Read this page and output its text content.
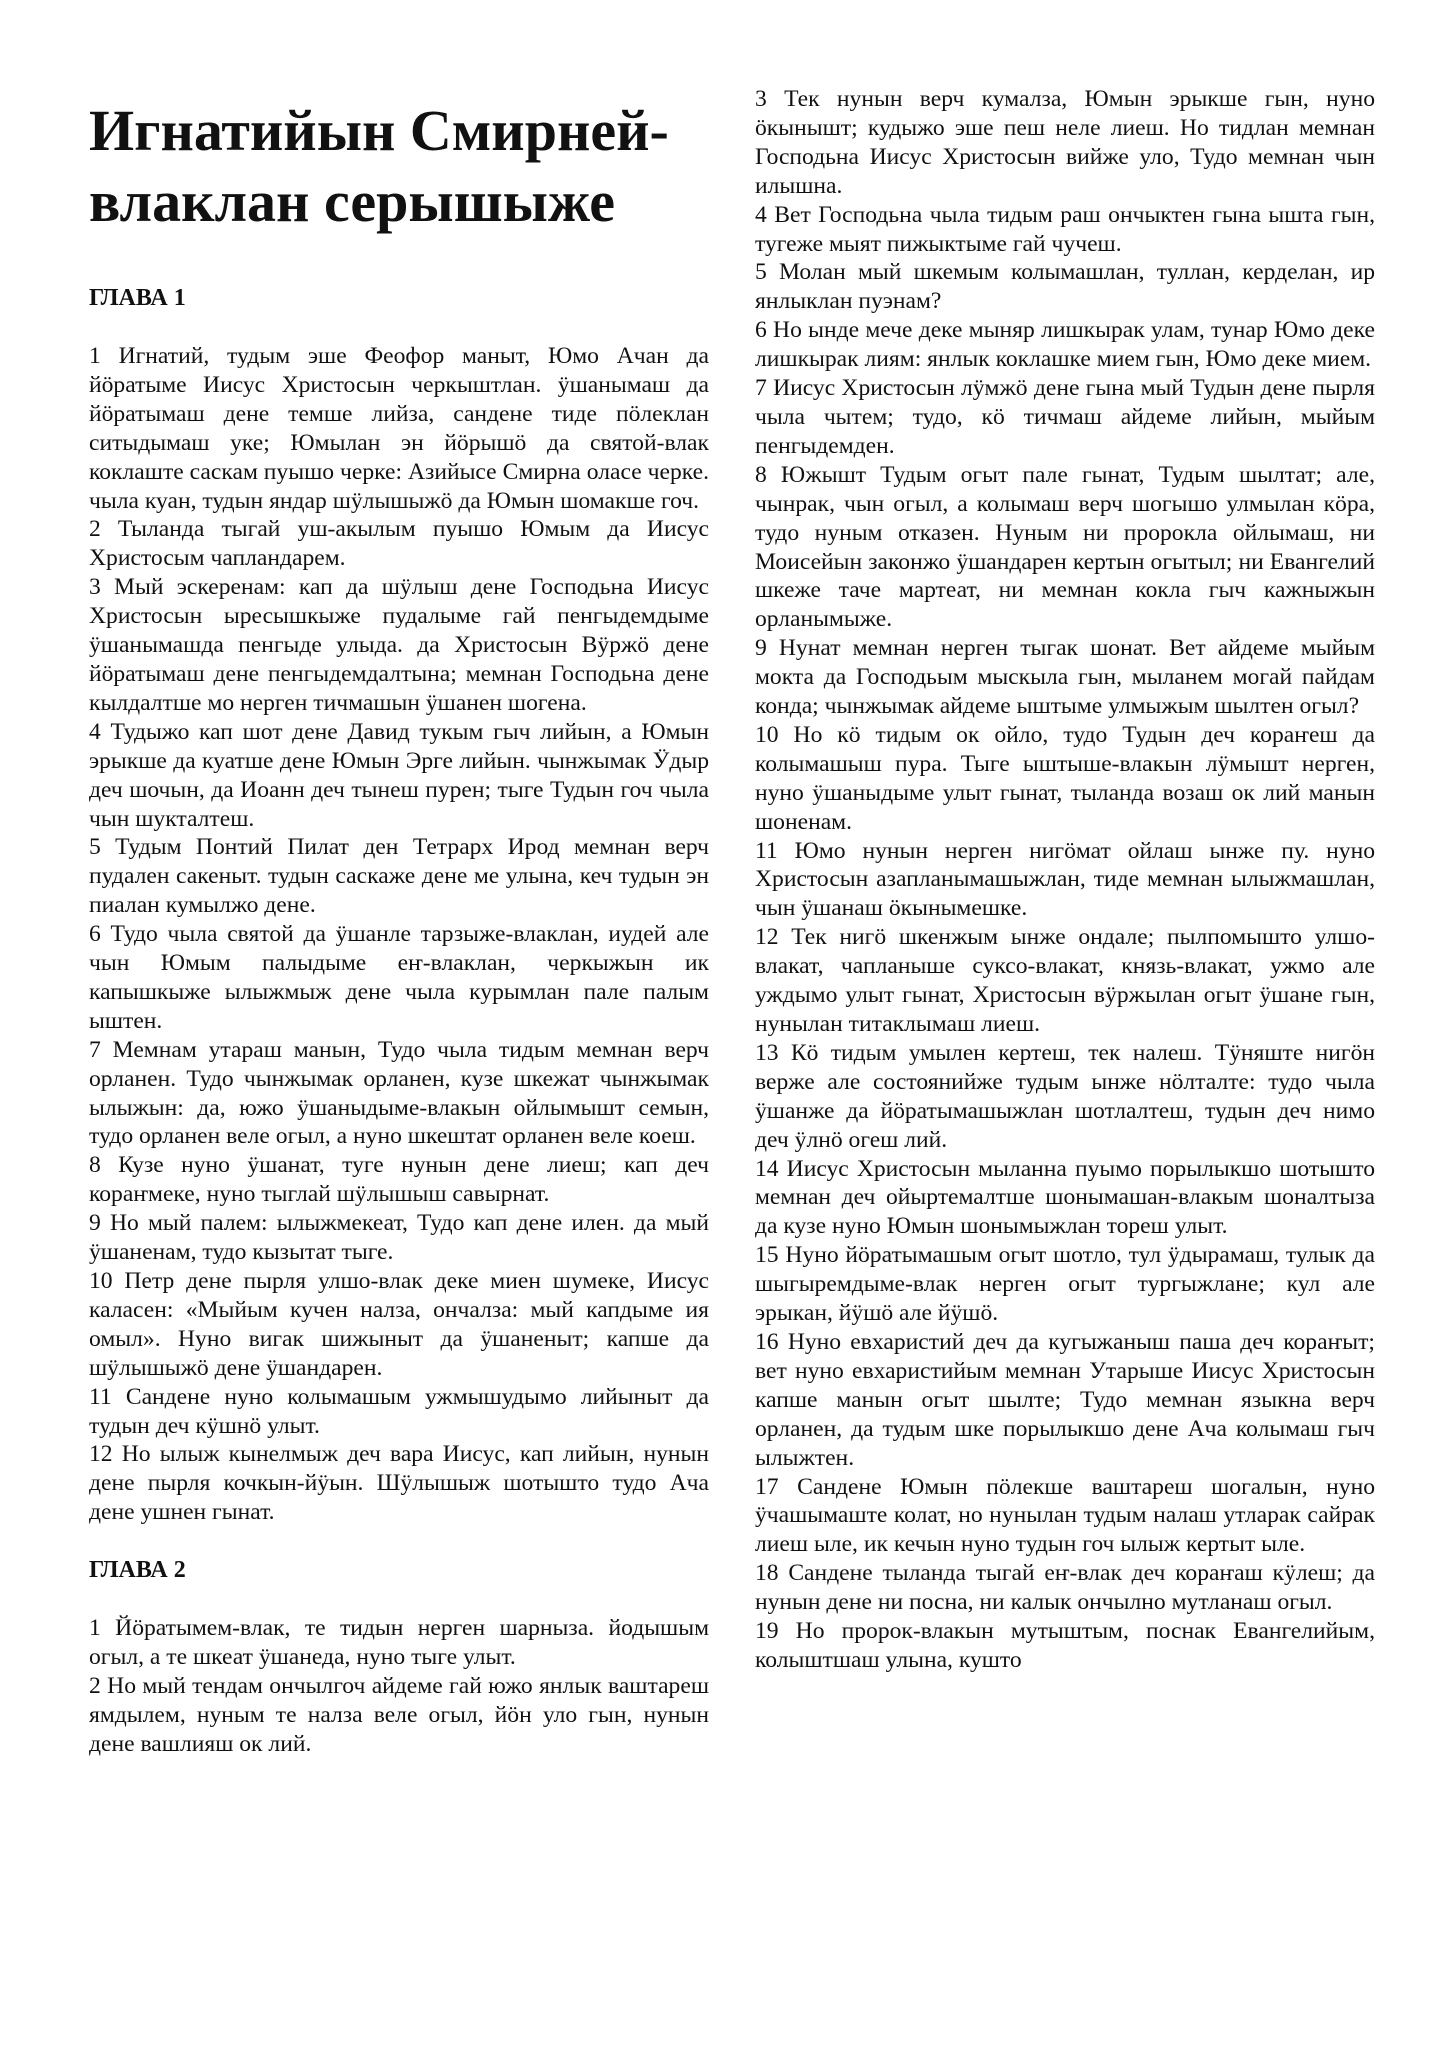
Игнатийын Смирней-влаклан серышыже
ГЛАВА 1

1 Игнатий, тудым эше Феофор маныт, Юмо Ачан да йӧратыме Иисус Христосын черкыштлан. ӱшанымаш да йӧратымаш дене темше лийза, сандене тиде пӧлеклан ситыдымаш уке; Юмылан эн йӧрышӧ да святой-влак коклаште саскам пуышо черке: Азийысе Смирна оласе черке. чыла куан, тудын яндар шӱлышыжӧ да Юмын шомакше гоч.

2 Тыланда тыгай уш-акылым пуышо Юмым да Иисус Христосым чапландарем.

3 Мый эскеренам: кап да шӱлыш дене Господьна Иисус Христосын ыресышкыже пудалыме гай пенгыдемдыме ӱшанымашда пенгыде улыда. да Христосын Вӱржӧ дене йӧратымаш дене пенгыдемдалтына; мемнан Господьна дене кылдалтше мо нерген тичмашын ӱшанен шогена.

4 Тудыжо кап шот дене Давид тукым гыч лийын, а Юмын эрыкше да куатше дене Юмын Эрге лийын. чынжымак Ӱдыр деч шочын, да Иоанн деч тынеш пурен; тыге Тудын гоч чыла чын шукталтеш.

5 Тудым Понтий Пилат ден Тетрарх Ирод мемнан верч пудален сакеныт. тудын саскаже дене ме улына, кеч тудын эн пиалан кумылжо дене.

6 Тудо чыла святой да ӱшанле тарзыже-влаклан, иудей але чын Юмым палыдыме еҥ-влаклан, черкыжын ик капышкыже ылыжмыж дене чыла курымлан пале палым ыштен.

7 Мемнам утараш манын, Тудо чыла тидым мемнан верч орланен. Тудо чынжымак орланен, кузе шкежат чынжымак ылыжын: да, южо ӱшаныдыме-влакын ойлымышт семын, тудо орланен веле огыл, а нуно шкештат орланен веле коеш.

8 Кузе нуно ӱшанат, туге нунын дене лиеш; кап деч кораҥмеке, нуно тыглай шӱлышыш савырнат.

9 Но мый палем: ылыжмекеат, Тудо кап дене илен. да мый ӱшаненам, тудо кызытат тыге.

10 Петр дене пырля улшо-влак деке миен шумеке, Иисус каласен: «Мыйым кучен налза, ончалза: мый капдыме ия омыл». Нуно вигак шижыныт да ӱшаненыт; капше да шӱлышыжӧ дене ӱшандарен.

11 Сандене нуно колымашым ужмышудымо лийыныт да тудын деч кӱшнӧ улыт.

12 Но ылыж кынелмыж деч вара Иисус, кап лийын, нунын дене пырля кочкын-йӱын. Шӱлышыж шотышто тудо Ача дене ушнен гынат.

ГЛАВА 2

1 Йӧратымем-влак, те тидын нерген шарныза. йодышым огыл, а те шкеат ӱшанеда, нуно тыге улыт.

2 Но мый тендам ончылгоч айдеме гай южо янлык ваштареш ямдылем, нуным те налза веле огыл, йӧн уло гын, нунын дене вашлияш ок лий.

3 Тек нунын верч кумалза, Юмын эрыкше гын, нуно ӧкынышт; кудыжо эше пеш неле лиеш. Но тидлан мемнан Господьна Иисус Христосын вийже уло, Тудо мемнан чын илышна.

4 Вет Господьна чыла тидым раш ончыктен гына ышта гын, тугеже мыят пижыктыме гай чучеш.

5 Молан мый шкемым колымашлан, туллан, керделан, ир янлыклан пуэнам?

6 Но ынде мече деке мыняр лишкырак улам, тунар Юмо деке лишкырак лиям: янлык коклашке мием гын, Юмо деке мием.

7 Иисус Христосын лӱмжӧ дене гына мый Тудын дене пырля чыла чытем; тудо, кӧ тичмаш айдеме лийын, мыйым пенгыдемден.

8 Южышт Тудым огыт пале гынат, Тудым шылтат; але, чынрак, чын огыл, а колымаш верч шогышо улмылан кӧра, тудо нуным отказен. Нуным ни пророкла ойлымаш, ни Моисейын законжо ӱшандарен кертын огытыл; ни Евангелий шкеже таче мартеат, ни мемнан кокла гыч кажныжын орланымыже.

9 Нунат мемнан нерген тыгак шонат. Вет айдеме мыйым мокта да Господьым мыскыла гын, мыланем могай пайдам конда; чынжымак айдеме ыштыме улмыжым шылтен огыл?

10 Но кӧ тидым ок ойло, тудо Тудын деч кораҥеш да колымашыш пура. Тыге ыштыше-влакын лӱмышт нерген, нуно ӱшаныдыме улыт гынат, тыланда возаш ок лий манын шоненам.

11 Юмо нунын нерген нигӧмат ойлаш ынже пу. нуно Христосын азапланымашыжлан, тиде мемнан ылыжмашлан, чын ӱшанаш ӧкынымешке.

12 Тек нигӧ шкенжым ынже ондале; пылпомышто улшо-влакат, чапланыше суксо-влакат, князь-влакат, ужмо але уждымо улыт гынат, Христосын вӱржылан огыт ӱшане гын, нунылан титаклымаш лиеш.

13 Кӧ тидым умылен кертеш, тек налеш. Тӱняште нигӧн верже але состоянийже тудым ынже нӧлталте: тудо чыла ӱшанже да йӧратымашыжлан шотлалтеш, тудын деч нимо деч ӱлнӧ огеш лий.

14 Иисус Христосын мыланна пуымо порылыкшо шотышто мемнан деч ойыртемалтше шонымашан-влакым шоналтыза да кузе нуно Юмын шонымыжлан тореш улыт.

15 Нуно йӧратымашым огыт шотло, тул ӱдырамаш, тулык да шыгыремдыме-влак нерген огыт тургыжлане; кул але эрыкан, йӱшӧ але йӱшӧ.

16 Нуно евхаристий деч да кугыжаныш паша деч кораҥыт; вет нуно евхаристийым мемнан Утарыше Иисус Христосын капше манын огыт шылте; Тудо мемнан языкна верч орланен, да тудым шке порылыкшо дене Ача колымаш гыч ылыжтен.

17 Сандене Юмын пӧлекше ваштареш шогалын, нуно ӱчашымаште колат, но нунылан тудым налаш утларак сайрак лиеш ыле, ик кечын нуно тудын гоч ылыж кертыт ыле.

18 Сандене тыланда тыгай еҥ-влак деч кораҥаш кӱлеш; да нунын дене ни посна, ни калык ончылно мутланаш огыл.

19 Но пророк-влакын мутыштым, поснак Евангелийым, колыштшаш улына, кушто
